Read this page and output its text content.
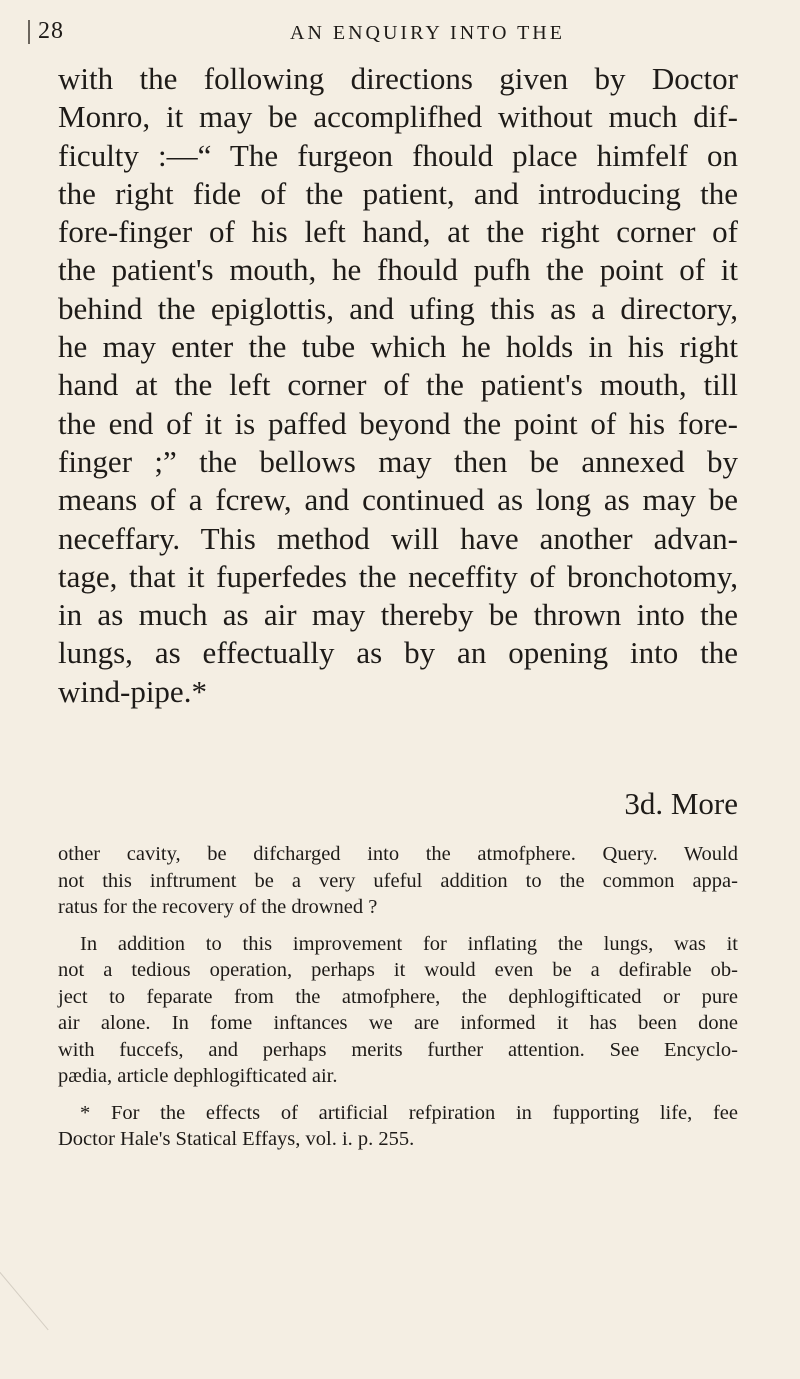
28	AN ENQUIRY INTO THE
with the following directions given by Doctor
Monro, it may be accomplifhed without much dif-
ficulty :—“ The furgeon fhould place himfelf on
the right fide of the patient, and introducing the
fore-finger of his left hand, at the right corner of
the patient's mouth, he fhould pufh the point of it
behind the epiglottis, and ufing this as a directory,
he may enter the tube which he holds in his right
hand at the left corner of the patient's mouth, till
the end of it is paffed beyond the point of his fore-
finger ;” the bellows may then be annexed by
means of a fcrew, and continued as long as may be
neceffary. This method will have another advan-
tage, that it fuperfedes the neceffity of bronchotomy,
in as much as air may thereby be thrown into the
lungs, as effectually as by an opening into the
wind-pipe.*
3d. More
other cavity, be difcharged into the atmofphere. Query. Would
not this inftrument be a very ufeful addition to the common appa-
ratus for the recovery of the drowned ?
In addition to this improvement for inflating the lungs, was it
not a tedious operation, perhaps it would even be a defirable ob-
ject to feparate from the atmofphere, the dephlogifticated or pure
air alone. In fome inftances we are informed it has been done
with fuccefs, and perhaps merits further attention. See Encyclo-
pædia, article dephlogifticated air.
* For the effects of artificial refpiration in fupporting life, fee
Doctor Hale's Statical Effays, vol. i. p. 255.
